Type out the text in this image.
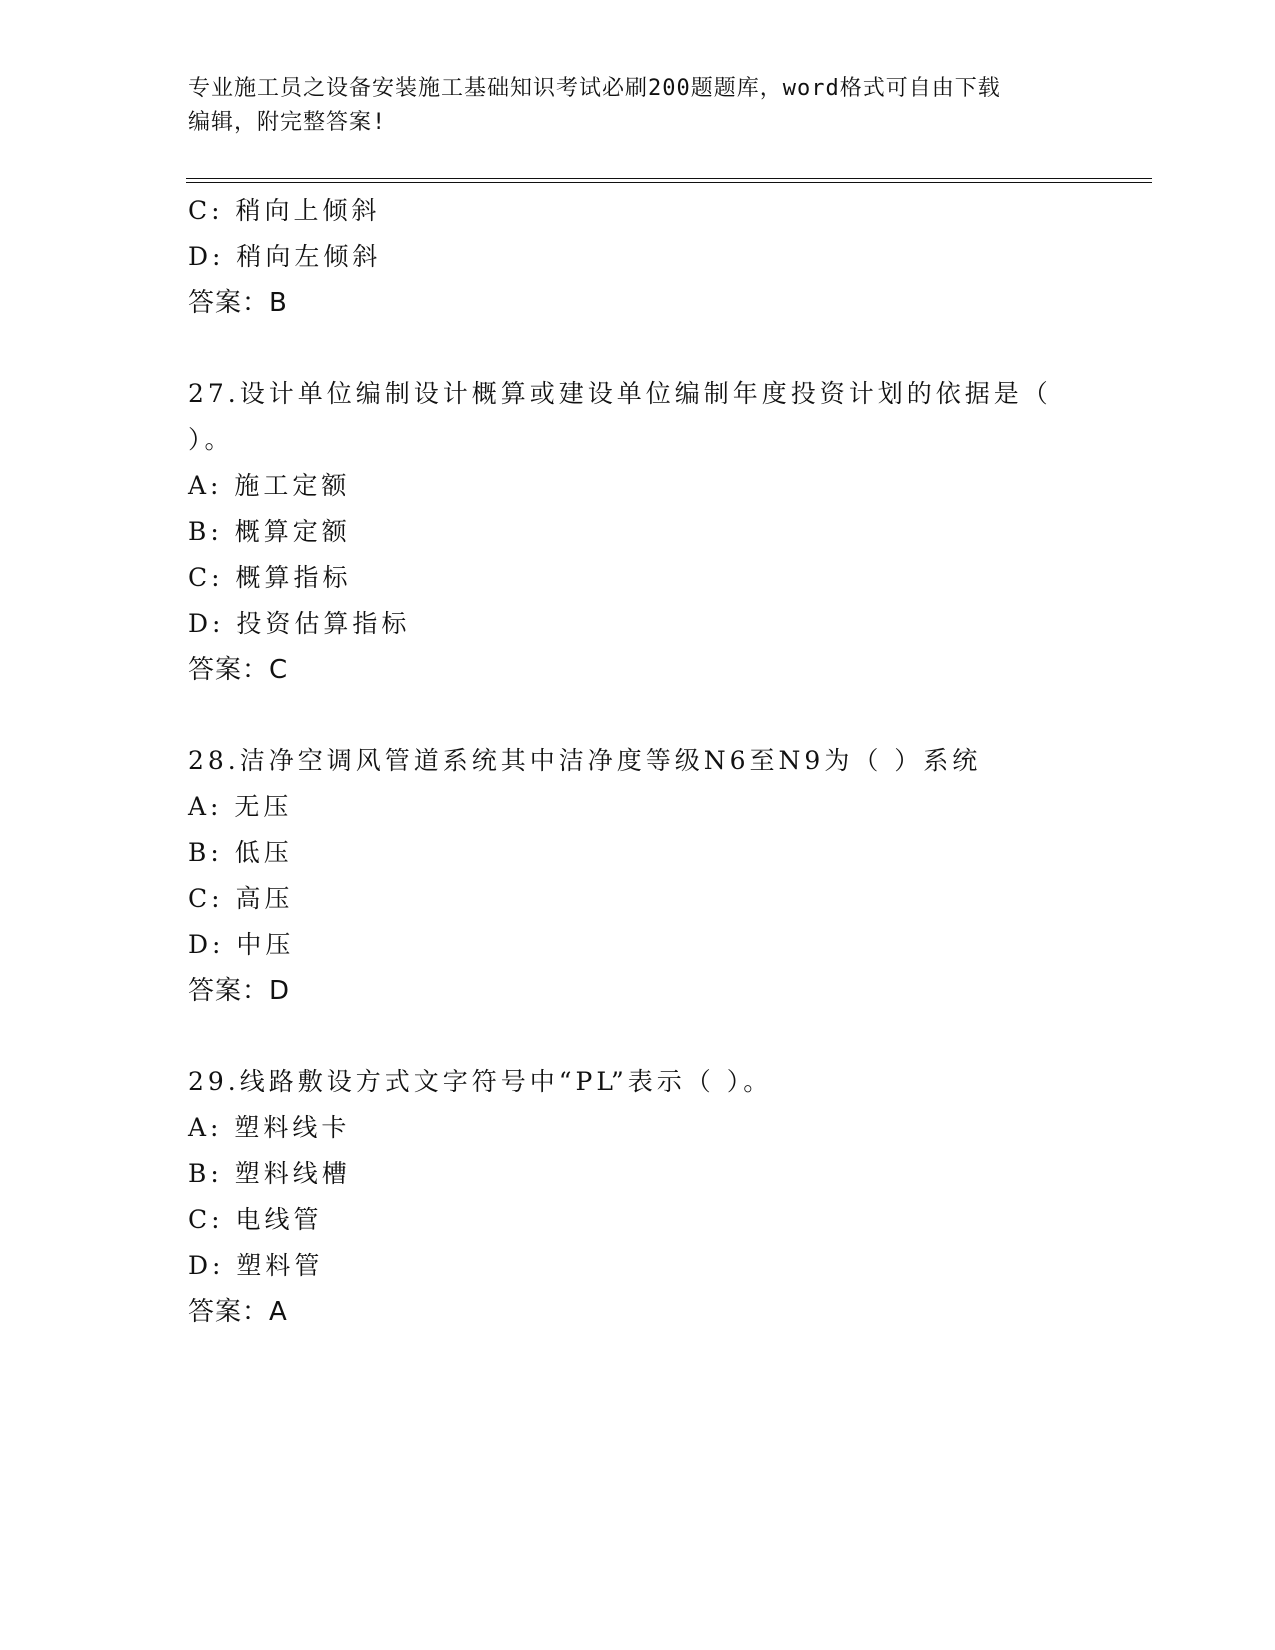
专业施工员之设备安装施工基础知识考试必刷200题题库，word格式可自由下载
编辑，附完整答案!
C: 稍向上倾斜
D: 稍向左倾斜
答案：B
27.设计单位编制设计概算或建设单位编制年度投资计划的依据是（
）。
A: 施工定额
B: 概算定额
C: 概算指标
D: 投资估算指标
答案：C
28.洁净空调风管道系统其中洁净度等级N6至N9为（ ）系统
A: 无压
B: 低压
C: 高压
D: 中压
答案：D
29.线路敷设方式文字符号中“PL”表示（ ）。
A: 塑料线卡
B: 塑料线槽
C: 电线管
D: 塑料管
答案：A
